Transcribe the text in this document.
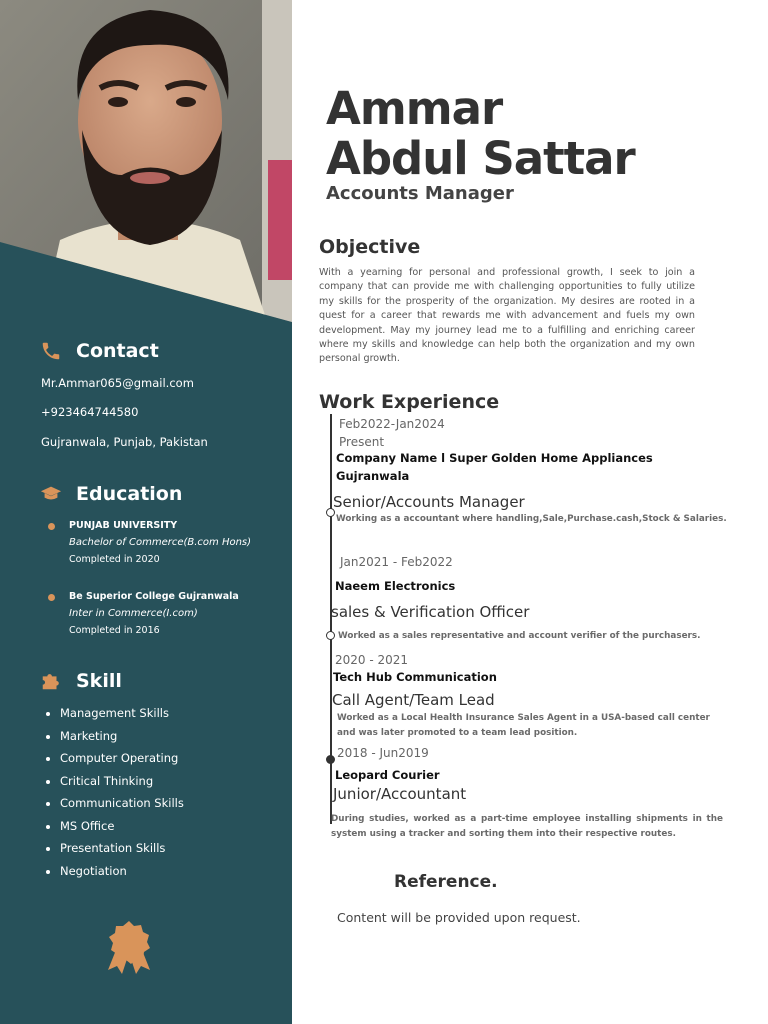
Contact
Mr.Ammar065@gmail.com
+923464744580
Gujranwala, Punjab, Pakistan
Education
PUNJAB UNIVERSITY
Bachelor of Commerce(B.com Hons)
Completed in 2020
Be Superior College Gujranwala
Inter in Commerce(I.com)
Completed in 2016
Skill
Management Skills
Marketing
Computer Operating
Critical Thinking
Communication Skills
MS Office
Presentation Skills
Negotiation
Ammar
Abdul Sattar
Accounts Manager
Objective
With a yearning for personal and professional growth, I seek to join a company that can provide me with challenging opportunities to fully utilize my skills for the prosperity of the organization. My desires are rooted in a quest for a career that rewards me with advancement and fuels my own development. May my journey lead me to a fulfilling and enriching career where my skills and knowledge can help both the organization and my own personal growth.
Work Experience
Feb2022-Jan2024
Present
Company Name l Super Golden Home Appliances
Gujranwala
Senior/Accounts Manager
Working as a accountant where handling,Sale,Purchase.cash,Stock & Salaries.
Jan2021 - Feb2022
Naeem Electronics
sales & Verification Officer
Worked as a sales representative and account verifier of the purchasers.
2020 - 2021
Tech Hub Communication
Call Agent/Team Lead
Worked as a Local Health Insurance Sales Agent in a USA-based call center and was later promoted to a team lead position.
2018 - Jun2019
Leopard Courier
Junior/Accountant
During studies, worked as a part-time employee installing shipments in the system using a tracker and sorting them into their respective routes.
Reference.
Content will be provided upon request.
